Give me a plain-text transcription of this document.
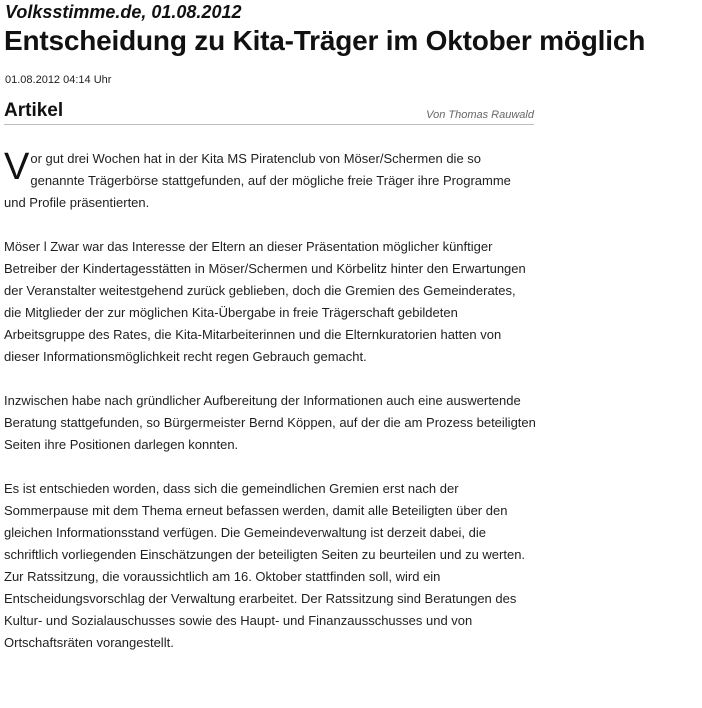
Volksstimme.de, 01.08.2012
Entscheidung zu Kita-Träger im Oktober möglich
01.08.2012 04:14 Uhr
Artikel	Von Thomas Rauwald

Vor gut drei Wochen hat in der Kita MS Piratenclub von Möser/Schermen die so genannte Trägerbörse stattgefunden, auf der mögliche freie Träger ihre Programme und Profile präsentierten.

Möser l Zwar war das Interesse der Eltern an dieser Präsentation möglicher künftiger Betreiber der Kindertagesstätten in Möser/Schermen und Körbelitz hinter den Erwartungen der Veranstalter weitestgehend zurück geblieben, doch die Gremien des Gemeinderates, die Mitglieder der zur möglichen Kita-Übergabe in freie Trägerschaft gebildeten Arbeitsgruppe des Rates, die Kita-Mitarbeiterinnen und die Elternkuratorien hatten von dieser Informationsmöglichkeit recht regen Gebrauch gemacht.

Inzwischen habe nach gründlicher Aufbereitung der Informationen auch eine auswertende Beratung stattgefunden, so Bürgermeister Bernd Köppen, auf der die am Prozess beteiligten Seiten ihre Positionen darlegen konnten.

Es ist entschieden worden, dass sich die gemeindlichen Gremien erst nach der Sommerpause mit dem Thema erneut befassen werden, damit alle Beteiligten über den gleichen Informationsstand verfügen. Die Gemeindeverwaltung ist derzeit dabei, die schriftlich vorliegenden Einschätzungen der beteiligten Seiten zu beurteilen und zu werten. Zur Ratssitzung, die voraussichtlich am 16. Oktober stattfinden soll, wird ein Entscheidungsvorschlag der Verwaltung erarbeitet. Der Ratssitzung sind Beratungen des Kultur- und Sozialauschusses sowie des Haupt- und Finanzausschusses und von Ortschaftsräten vorangestellt.
